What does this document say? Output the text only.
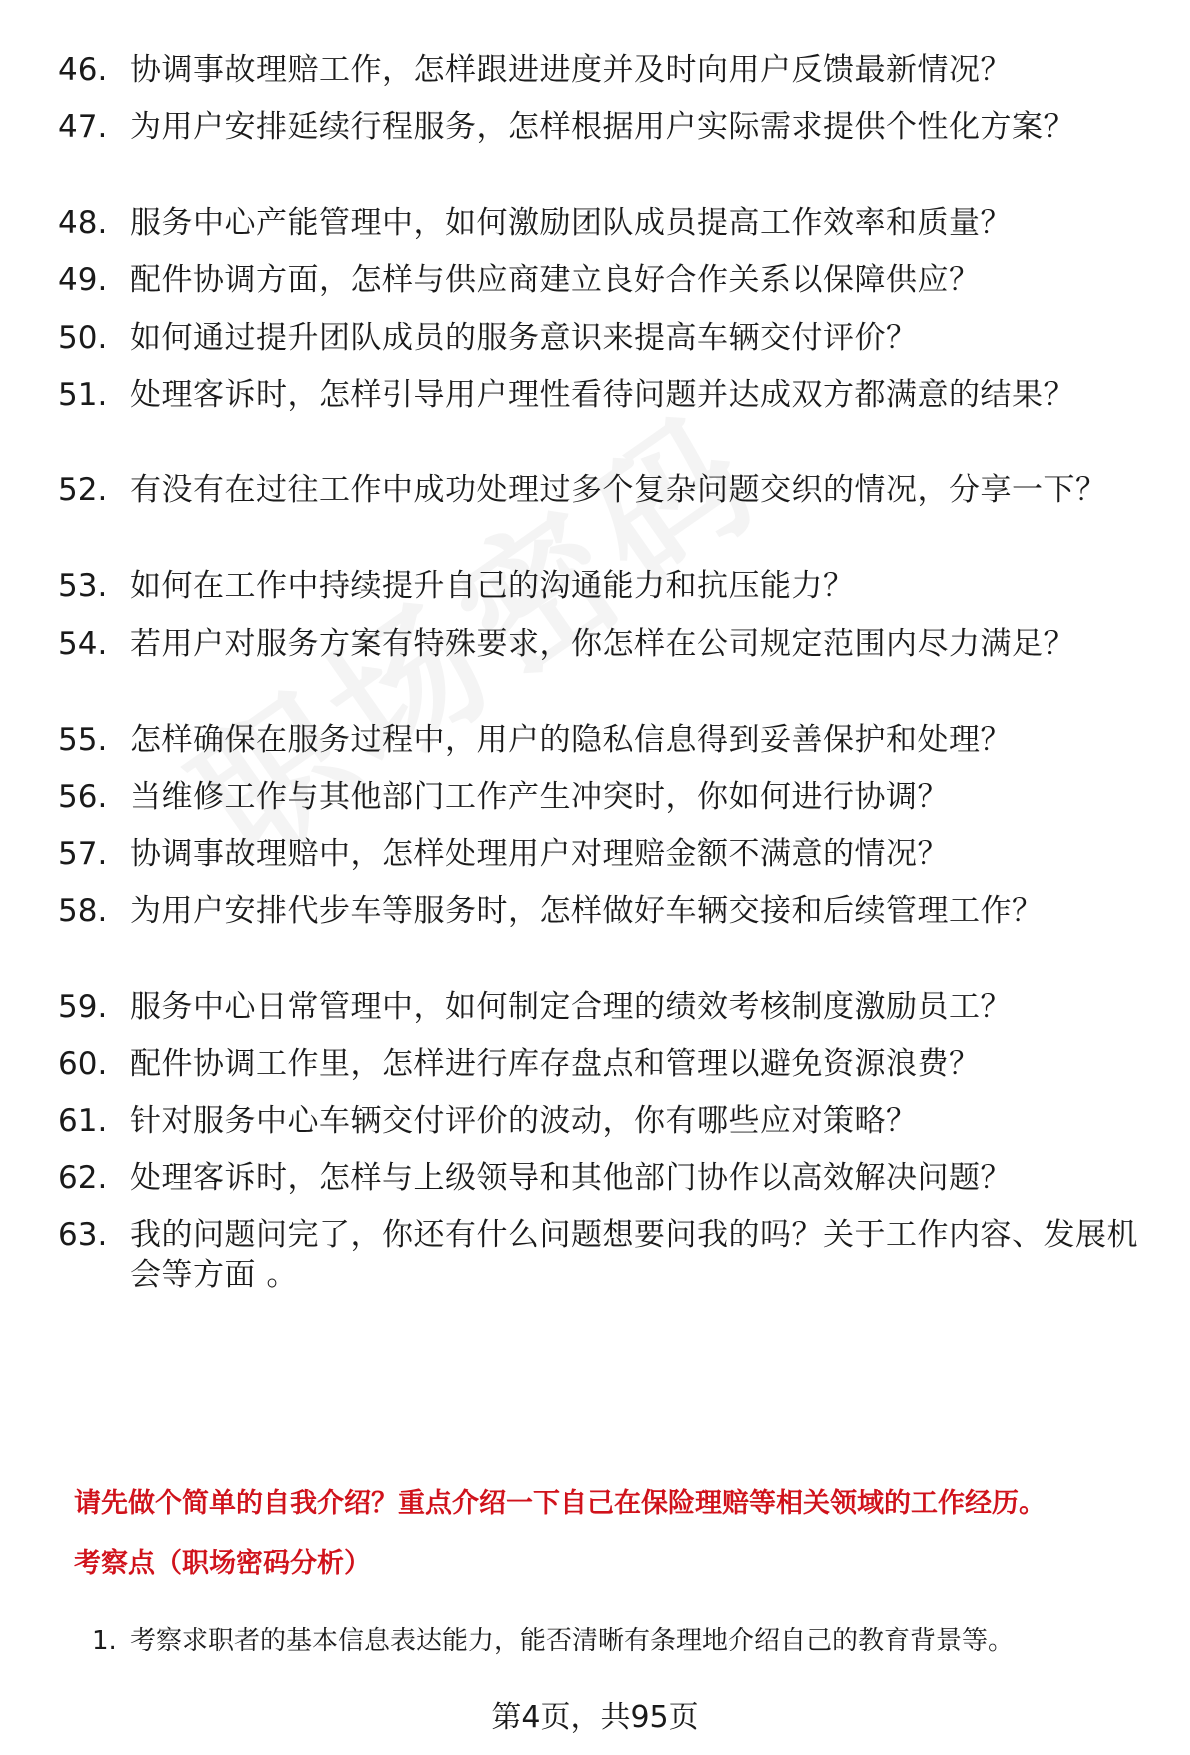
46. 协调事故理赔工作，怎样跟进进度并及时向用户反馈最新情况？
47. 为用户安排延续行程服务，怎样根据用户实际需求提供个性化方案？
48. 服务中心产能管理中，如何激励团队成员提高工作效率和质量？
49. 配件协调方面，怎样与供应商建立良好合作关系以保障供应？
50. 如何通过提升团队成员的服务意识来提高车辆交付评价？
51. 处理客诉时，怎样引导用户理性看待问题并达成双方都满意的结果？
52. 有没有在过往工作中成功处理过多个复杂问题交织的情况，分享一下？
53. 如何在工作中持续提升自己的沟通能力和抗压能力？
54. 若用户对服务方案有特殊要求，你怎样在公司规定范围内尽力满足？
55. 怎样确保在服务过程中，用户的隐私信息得到妥善保护和处理？
56. 当维修工作与其他部门工作产生冲突时，你如何进行协调？
57. 协调事故理赔中，怎样处理用户对理赔金额不满意的情况？
58. 为用户安排代步车等服务时，怎样做好车辆交接和后续管理工作？
59. 服务中心日常管理中，如何制定合理的绩效考核制度激励员工？
60. 配件协调工作里，怎样进行库存盘点和管理以避免资源浪费？
61. 针对服务中心车辆交付评价的波动，你有哪些应对策略？
62. 处理客诉时，怎样与上级领导和其他部门协作以高效解决问题？
63. 我的问题问完了，你还有什么问题想要问我的吗？关于工作内容、发展机会等方面 。
请先做个简单的自我介绍？重点介绍一下自己在保险理赔等相关领域的工作经历。
考察点（职场密码分析）
1. 考察求职者的基本信息表达能力，能否清晰有条理地介绍自己的教育背景等。
第4页，共95页
